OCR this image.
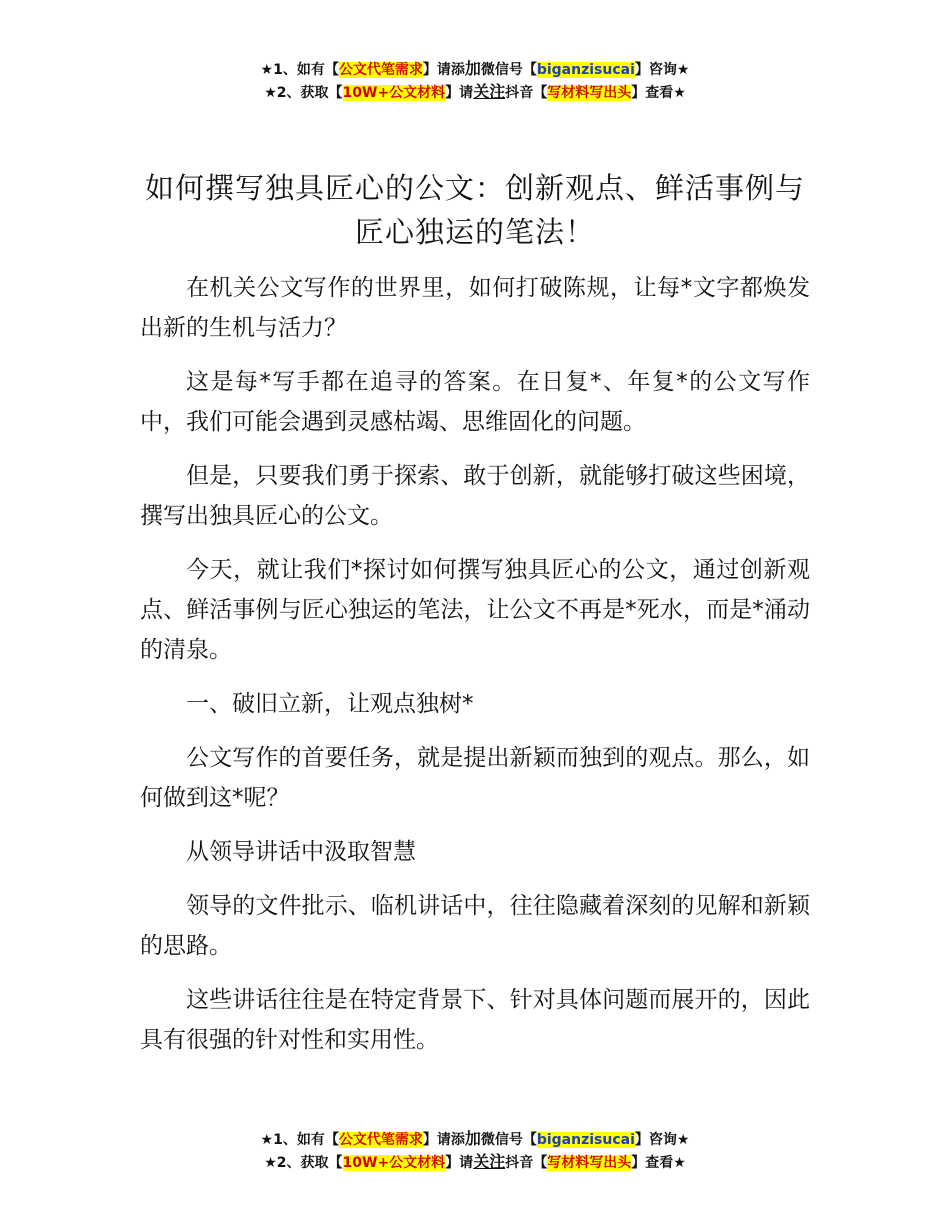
★1、如有【公文代笔需求】请添加微信号【biganzisucai】咨询★
★2、获取【10W+公文材料】请关注抖音【写材料写出头】查看★
如何撰写独具匠心的公文：创新观点、鲜活事例与匠心独运的笔法！

在机关公文写作的世界里，如何打破陈规，让每*文字都焕发出新的生机与活力？

这是每*写手都在追寻的答案。在日复*、年复*的公文写作中，我们可能会遇到灵感枯竭、思维固化的问题。

但是，只要我们勇于探索、敢于创新，就能够打破这些困境，撰写出独具匠心的公文。

今天，就让我们*探讨如何撰写独具匠心的公文，通过创新观点、鲜活事例与匠心独运的笔法，让公文不再是*死水，而是*涌动的清泉。

一、破旧立新，让观点独树*

公文写作的首要任务，就是提出新颖而独到的观点。那么，如何做到这*呢？

从领导讲话中汲取智慧

领导的文件批示、临机讲话中，往往隐藏着深刻的见解和新颖的思路。

这些讲话往往是在特定背景下、针对具体问题而展开的，因此具有很强的针对性和实用性。

★1、如有【公文代笔需求】请添加微信号【biganzisucai】咨询★
★2、获取【10W+公文材料】请关注抖音【写材料写出头】查看★
